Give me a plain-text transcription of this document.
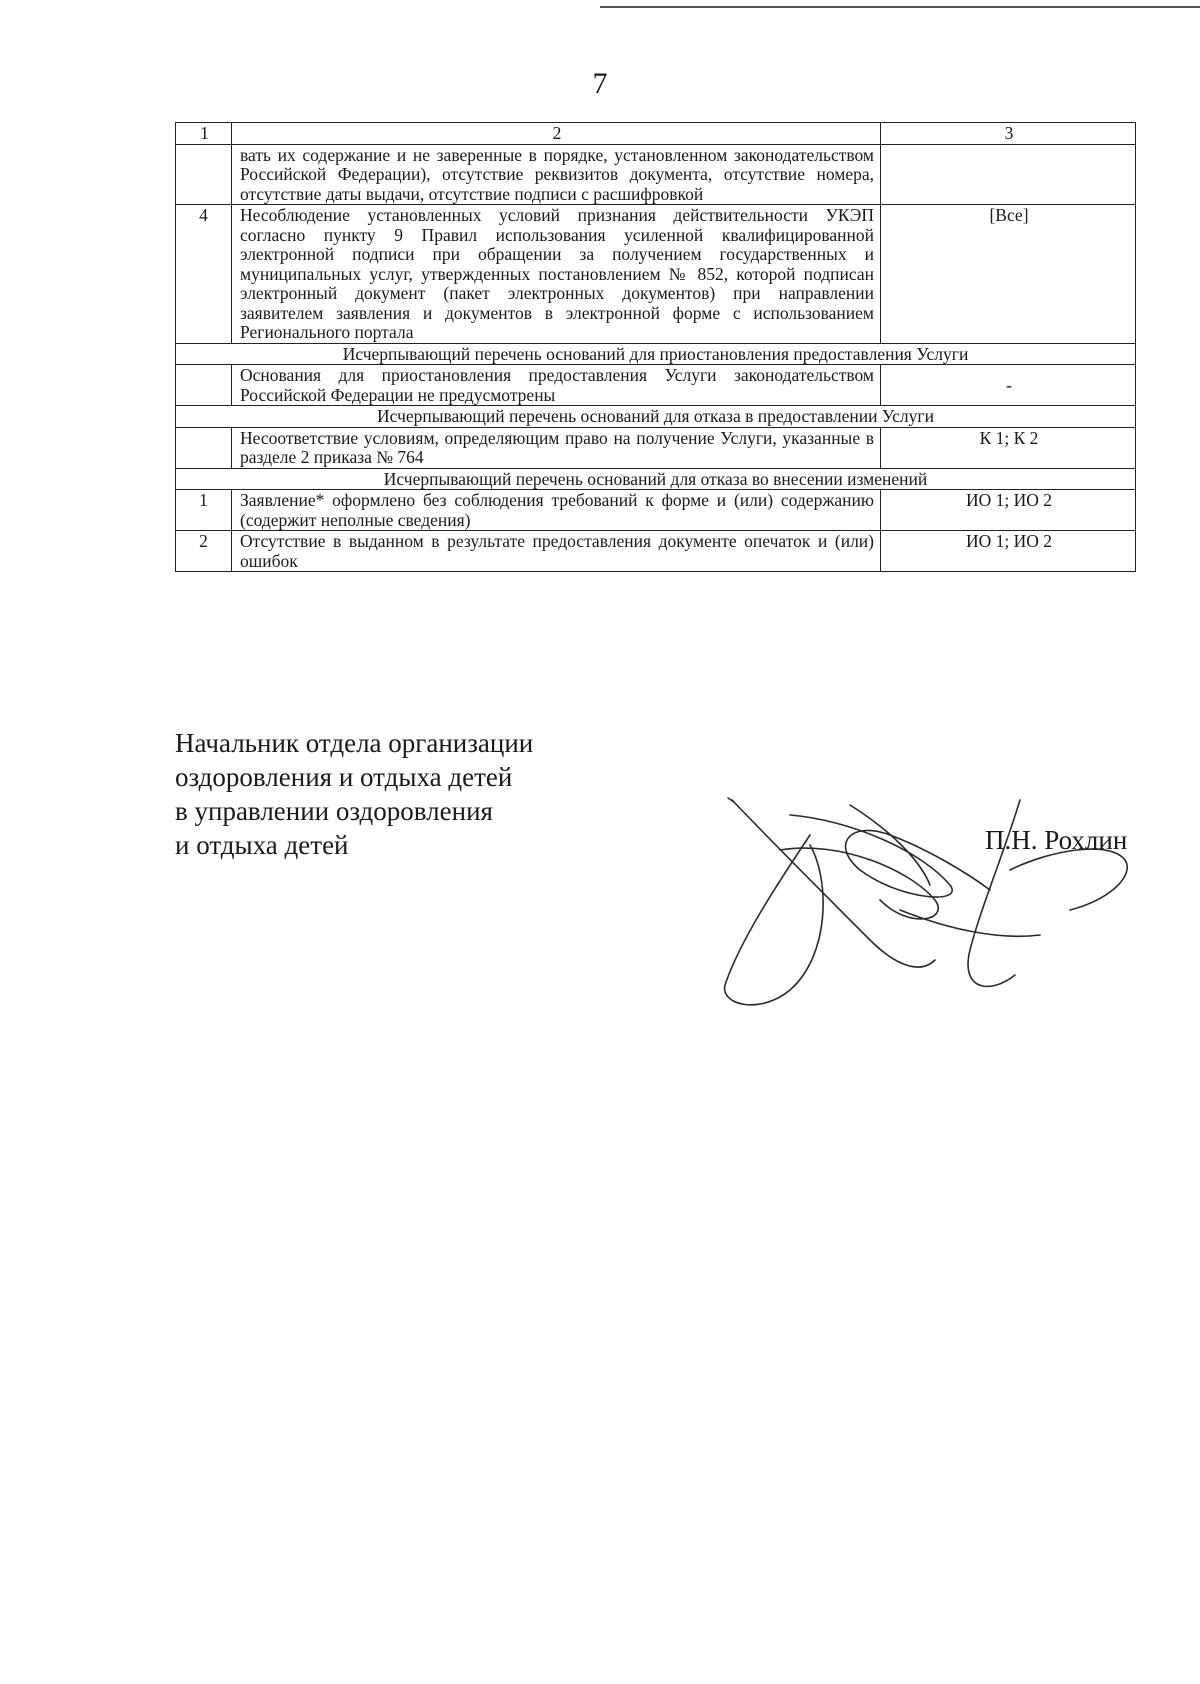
7
1	2	3
	вать их содержание и не заверенные в порядке, установленном законодательством Российской Федерации), отсутствие реквизитов документа, отсутствие номера, отсутствие даты выдачи, отсутствие подписи с расшифровкой	
4	Несоблюдение установленных условий признания действительности УКЭП согласно пункту 9 Правил использования усиленной квалифицированной электронной подписи при обращении за получением государственных и муниципальных услуг, утвержденных постановлением № 852, которой подписан электронный документ (пакет электронных документов) при направлении заявителем заявления и документов в электронной форме с использованием Регионального портала	[Все]
Исчерпывающий перечень оснований для приостановления предоставления Услуги		
	Основания для приостановления предоставления Услуги законодательством Российской Федерации не предусмотрены	-
Исчерпывающий перечень оснований для отказа в предоставлении Услуги		
	Несоответствие условиям, определяющим право на получение Услуги, указанные в разделе 2 приказа № 764	К 1; К 2
Исчерпывающий перечень оснований для отказа во внесении изменений		
1	Заявление* оформлено без соблюдения требований к форме и (или) содержанию (содержит неполные сведения)	ИО 1; ИО 2
2	Отсутствие в выданном в результате предоставления документе опечаток и (или) ошибок	ИО 1; ИО 2
Начальник отдела организации
оздоровления и отдыха детей
в управлении оздоровления
и отдыха детей	П.Н. Рохлин
